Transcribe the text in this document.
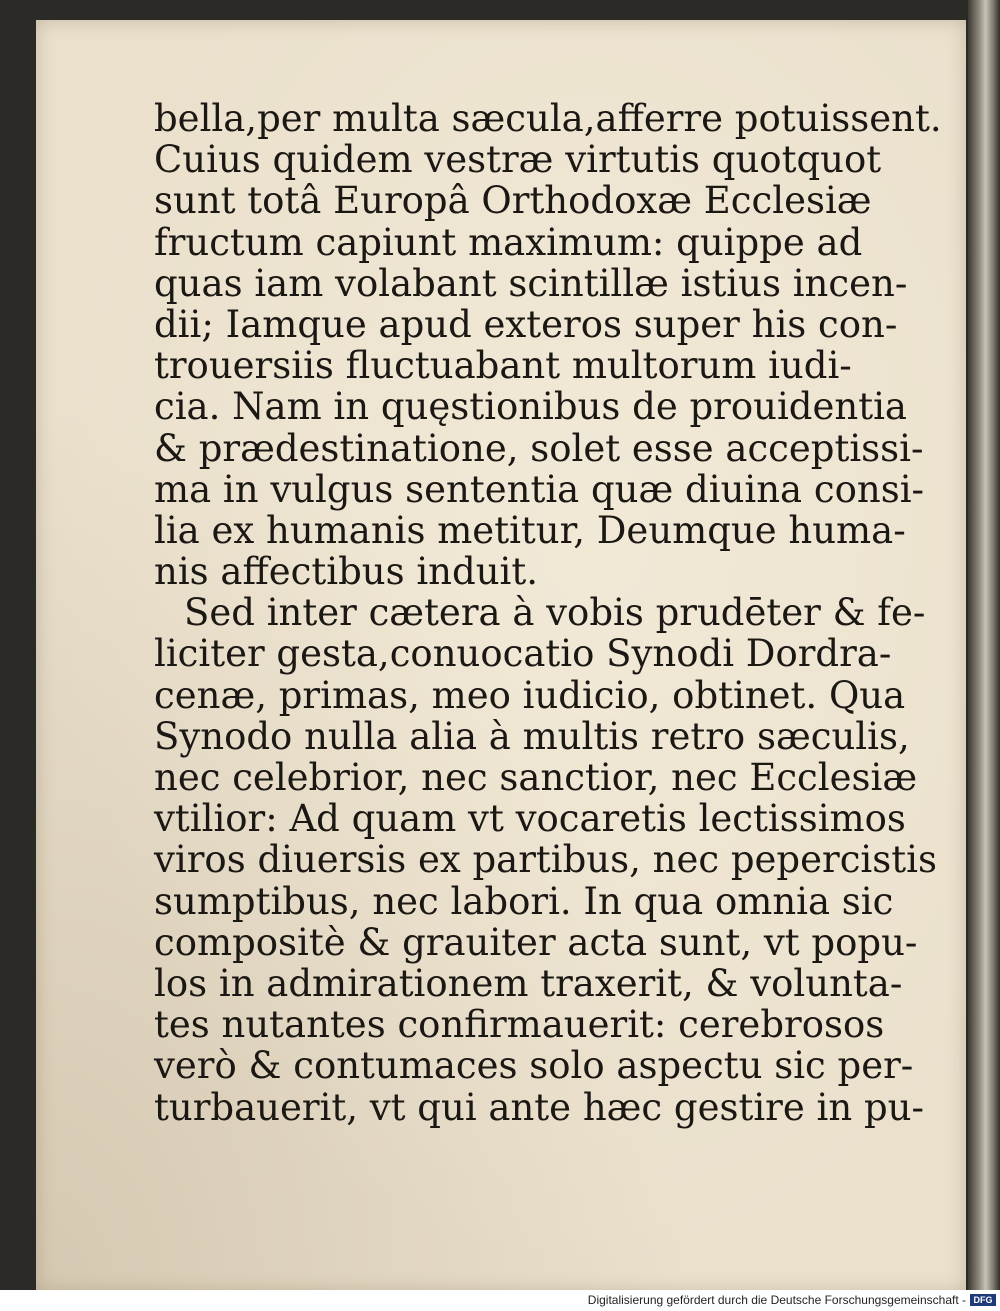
bella,per multa sæcula,afferre potuissent.
Cuius quidem vestræ virtutis quotquot
sunt totâ Europâ Orthodoxæ Ecclesiæ
fructum capiunt maximum: quippe ad
quas iam volabant scintillæ istius incen-
dii; Iamque apud exteros super his con-
trouersiis fluctuabant multorum iudi-
cia. Nam in quęstionibus de prouidentia
& prædestinatione, solet esse acceptissi-
ma in vulgus sententia quæ diuina consi-
lia ex humanis metitur, Deumque huma-
nis affectibus induit.
Sed inter cætera à vobis prudēter & fe-
liciter gesta,conuocatio Synodi Dordra-
cenæ, primas, meo iudicio, obtinet. Qua
Synodo nulla alia à multis retro sæculis,
nec celebrior, nec sanctior, nec Ecclesiæ
vtilior: Ad quam vt vocaretis lectissimos
viros diuersis ex partibus, nec pepercistis
sumptibus, nec labori. In qua omnia sic
compositè & grauiter acta sunt, vt popu-
los in admirationem traxerit, & volunta-
tes nutantes confirmauerit: cerebrosos
verò & contumaces solo aspectu sic per-
turbauerit, vt qui ante hæc gestire in pu-
Digitalisierung gefördert durch die Deutsche Forschungsgemeinschaft - DFG
